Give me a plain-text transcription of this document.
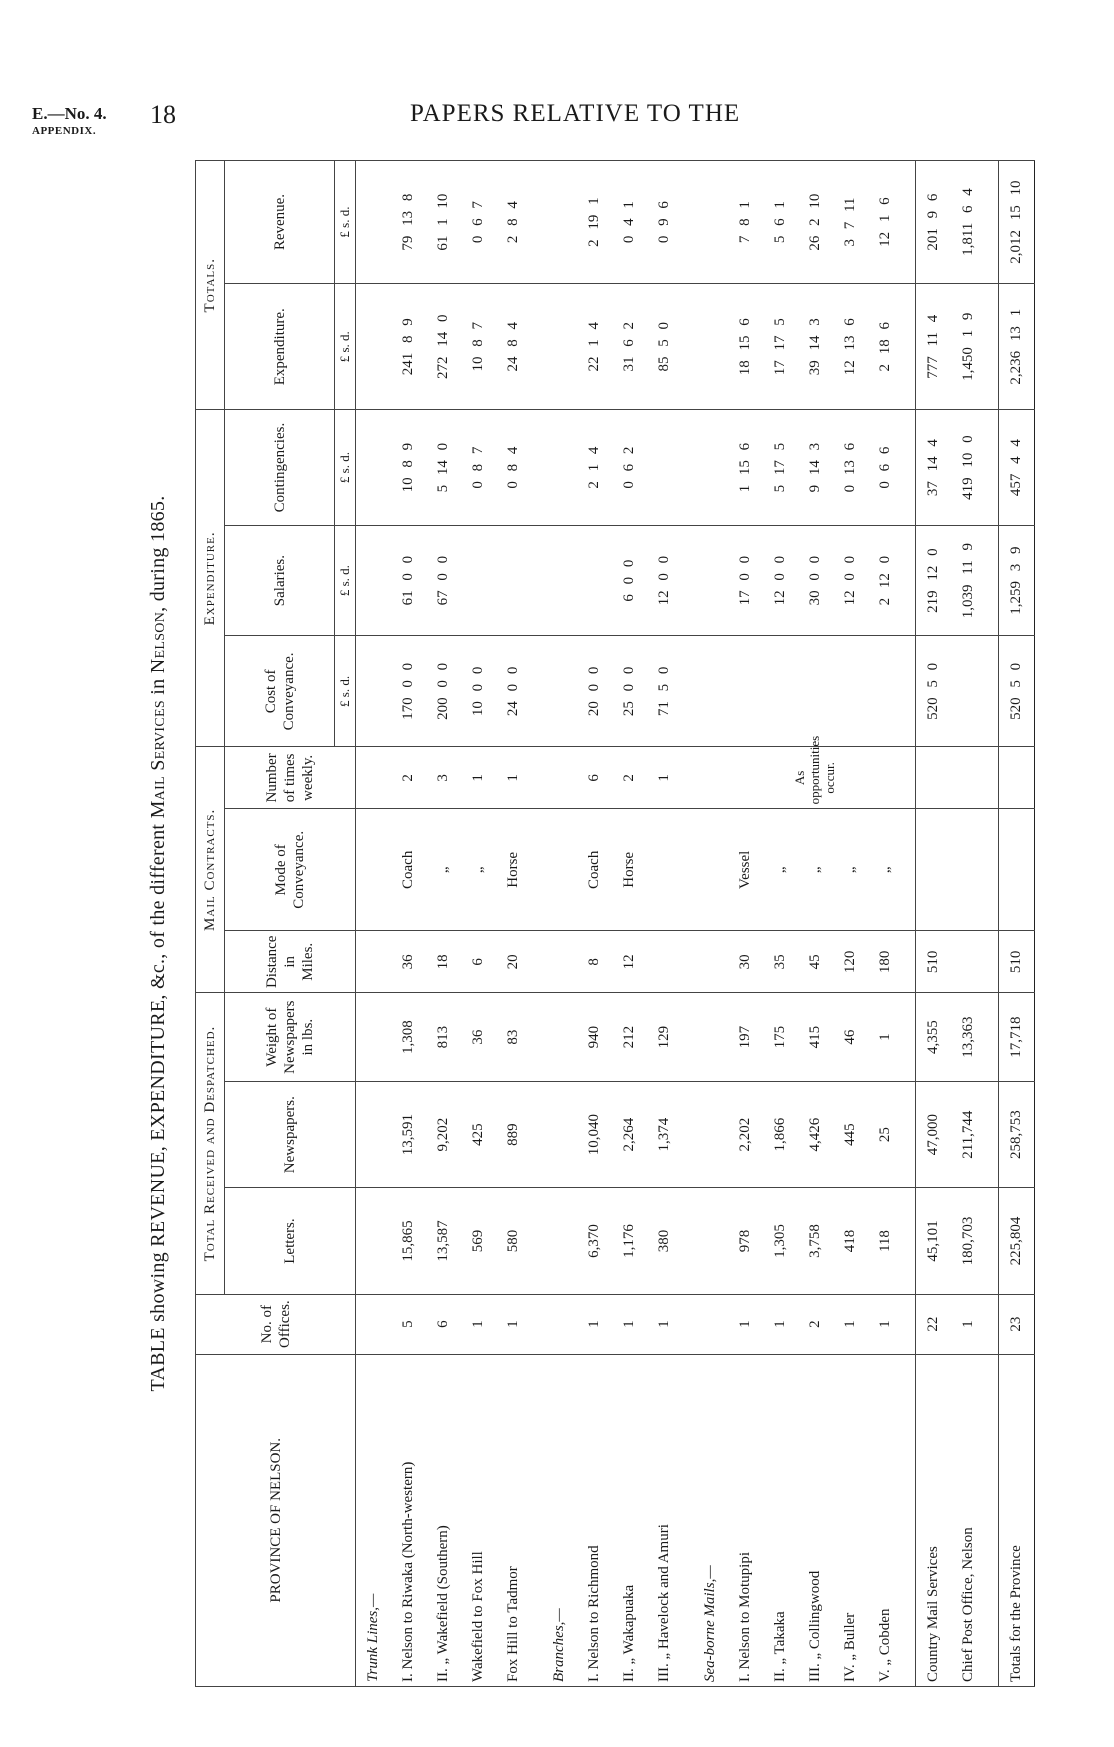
E.—No. 4.
APPENDIX.
18	PAPERS RELATIVE TO THE
TABLE showing REVENUE, EXPENDITURE, &c., of the different Mail Services in Nelson, during 1865.
PROVINCE OF NELSON.	No. of Offices.	Total Received and Despatched.			Mail Contracts.			Expenditure.			Totals.	
		Letters.	Newspapers.	Weight of Newspapers in lbs.	Distance in Miles.	Mode of Conveyance.	Number of times weekly.	Cost of Conveyance.	Salaries.	Contingencies.	Expenditure.	Revenue.
								£ s. d.	£ s. d.	£ s. d.	£ s. d.	£ s. d.
Trunk Lines,—												
I. Nelson to Riwaka (North-western)	5	15,865	13,591	1,308	36	Coach	2	170 0 0	61 0 0	10 8 9	241 8 9	79 13 8
II. „ Wakefield (Southern)	6	13,587	9,202	813	18	„	3	200 0 0	67 0 0	5 14 0	272 14 0	61 1 10
Wakefield to Fox Hill	1	569	425	36	6	„	1	10 0 0		0 8 7	10 8 7	0 6 7
Fox Hill to Tadmor	1	580	889	83	20	Horse	1	24 0 0		0 8 4	24 8 4	2 8 4

Branches,—												
I. Nelson to Richmond	1	6,370	10,040	940	8	Coach	6	20 0 0		2 1 4	22 1 4	2 19 1
II. „ Wakapuaka	1	1,176	2,264	212	12	Horse	2	25 0 0	6 0 0	0 6 2	31 6 2	0 4 1
III. „ Havelock and Amuri	1	380	1,374	129			1	71 5 0	12 0 0		85 5 0	0 9 6

Sea-borne Mails,—												
I. Nelson to Motupipi	1	978	2,202	197	30	Vessel	As opportunities occur.		17 0 0	1 15 6	18 15 6	7 8 1
II. „ Takaka	1	1,305	1,866	175	35	„			12 0 0	5 17 5	17 17 5	5 6 1
III. „ Collingwood	2	3,758	4,426	415	45	„			30 0 0	9 14 3	39 14 3	26 2 10
IV. „ Buller	1	418	445	46	120	„			12 0 0	0 13 6	12 13 6	3 7 11
V. „ Cobden	1	118	25	1	180	„			2 12 0	0 6 6	2 18 6	12 1 6

Country Mail Services	22	45,101	47,000	4,355	510			520 5 0	219 12 0	37 14 4	777 11 4	201 9 6
Chief Post Office, Nelson	1	180,703	211,744	13,363					1,039 11 9	419 10 0	1,450 1 9	1,811 6 4

Totals for the Province	23	225,804	258,753	17,718	510			520 5 0	1,259 3 9	457 4 4	2,236 13 1	2,012 15 10
